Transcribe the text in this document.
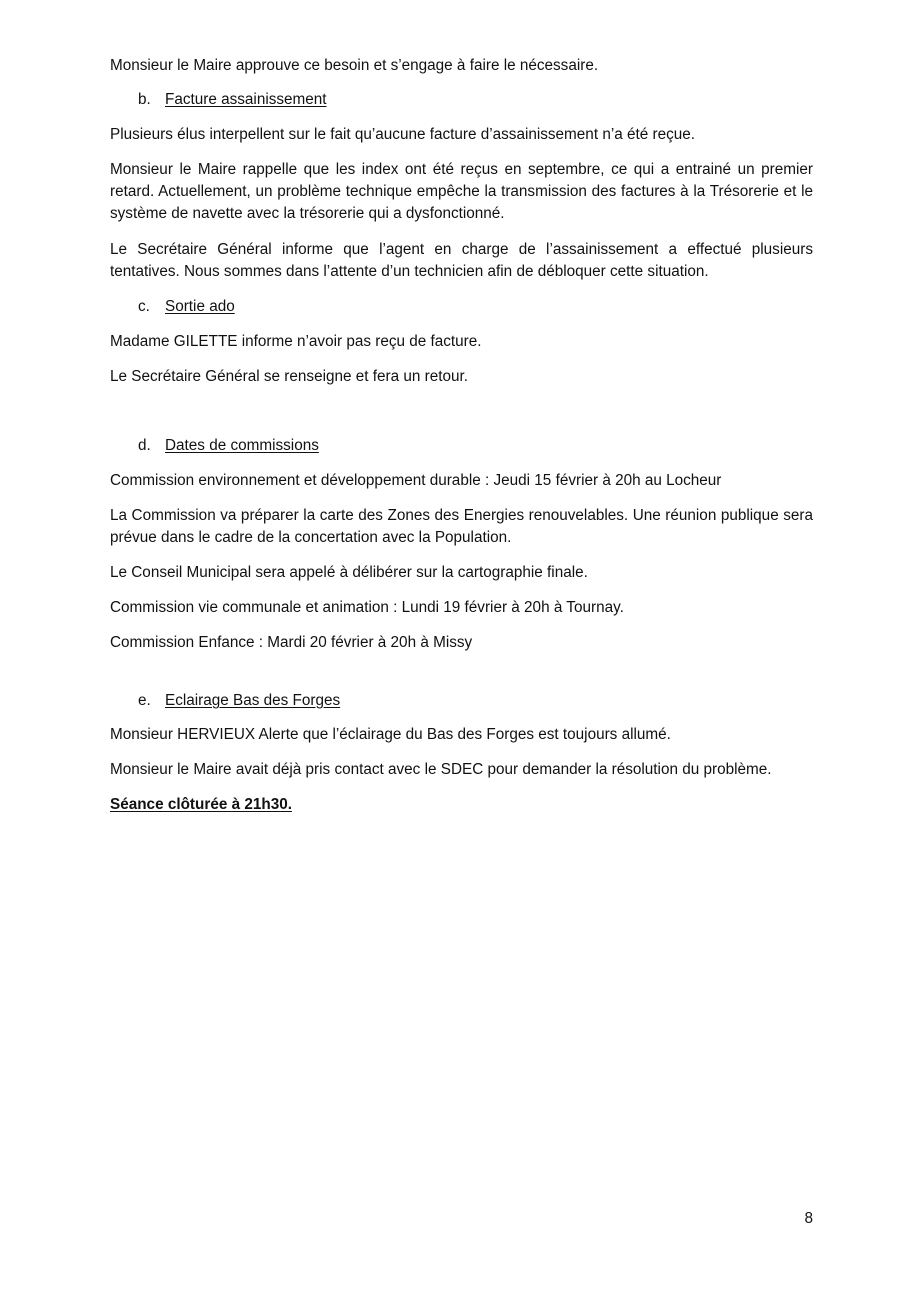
Monsieur le Maire approuve ce besoin et s’engage à faire le nécessaire.

b. Facture assainissement

Plusieurs élus interpellent sur le fait qu’aucune facture d’assainissement n’a été reçue.

Monsieur le Maire rappelle que les index ont été reçus en septembre, ce qui a entrainé un premier retard. Actuellement, un problème technique empêche la transmission des factures à la Trésorerie et le système de navette avec la trésorerie qui a dysfonctionné.

Le Secrétaire Général informe que l’agent en charge de l’assainissement a effectué plusieurs tentatives. Nous sommes dans l’attente d’un technicien afin de débloquer cette situation.

c. Sortie ado

Madame GILETTE informe n’avoir pas reçu de facture.

Le Secrétaire Général se renseigne et fera un retour.

d. Dates de commissions

Commission environnement et développement durable : Jeudi 15 février à 20h au Locheur

La Commission va préparer la carte des Zones des Energies renouvelables. Une réunion publique sera prévue dans le cadre de la concertation avec la Population.

Le Conseil Municipal sera appelé à délibérer sur la cartographie finale.

Commission vie communale et animation : Lundi 19 février à 20h à Tournay.

Commission Enfance : Mardi 20 février à 20h à Missy

e. Eclairage Bas des Forges

Monsieur HERVIEUX Alerte que l’éclairage du Bas des Forges est toujours allumé.

Monsieur le Maire avait déjà pris contact avec le SDEC pour demander la résolution du problème.

Séance clôturée à 21h30.

8
